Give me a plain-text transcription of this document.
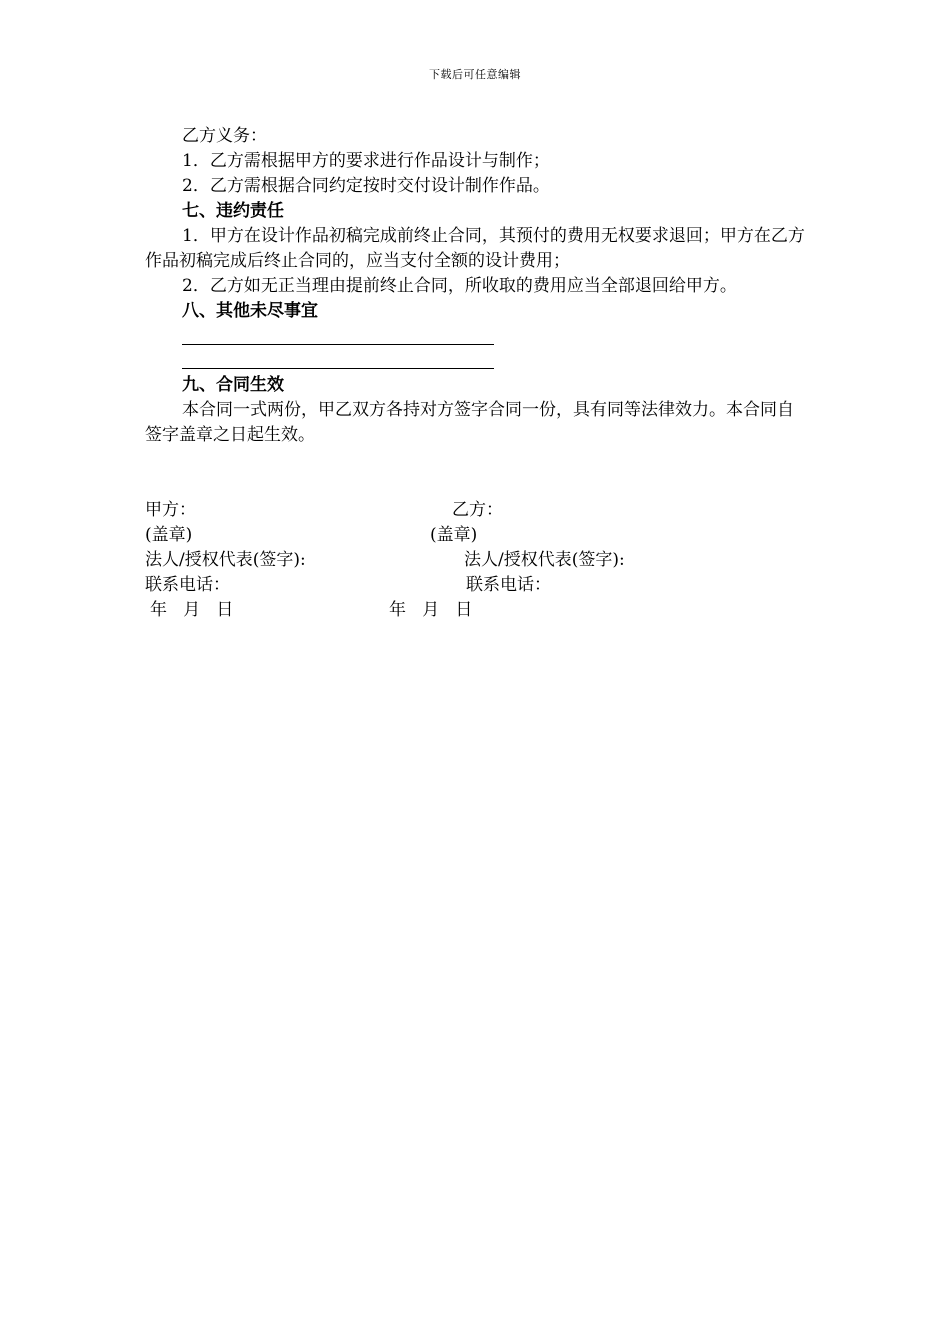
下载后可任意编辑

乙方义务：

1．乙方需根据甲方的要求进行作品设计与制作；

2．乙方需根据合同约定按时交付设计制作作品。

七、违约责任

1．甲方在设计作品初稿完成前终止合同，其预付的费用无权要求退回；甲方在乙方作品初稿完成后终止合同的，应当支付全额的设计费用；

2．乙方如无正当理由提前终止合同，所收取的费用应当全部退回给甲方。

八、其他未尽事宜

九、合同生效

本合同一式两份，甲乙双方各持对方签字合同一份，具有同等法律效力。本合同自签字盖章之日起生效。

甲方：
(盖章)
法人/授权代表(签字):
联系电话：
年   月   日
乙方：
(盖章)
法人/授权代表(签字):
联系电话：
年   月   日
